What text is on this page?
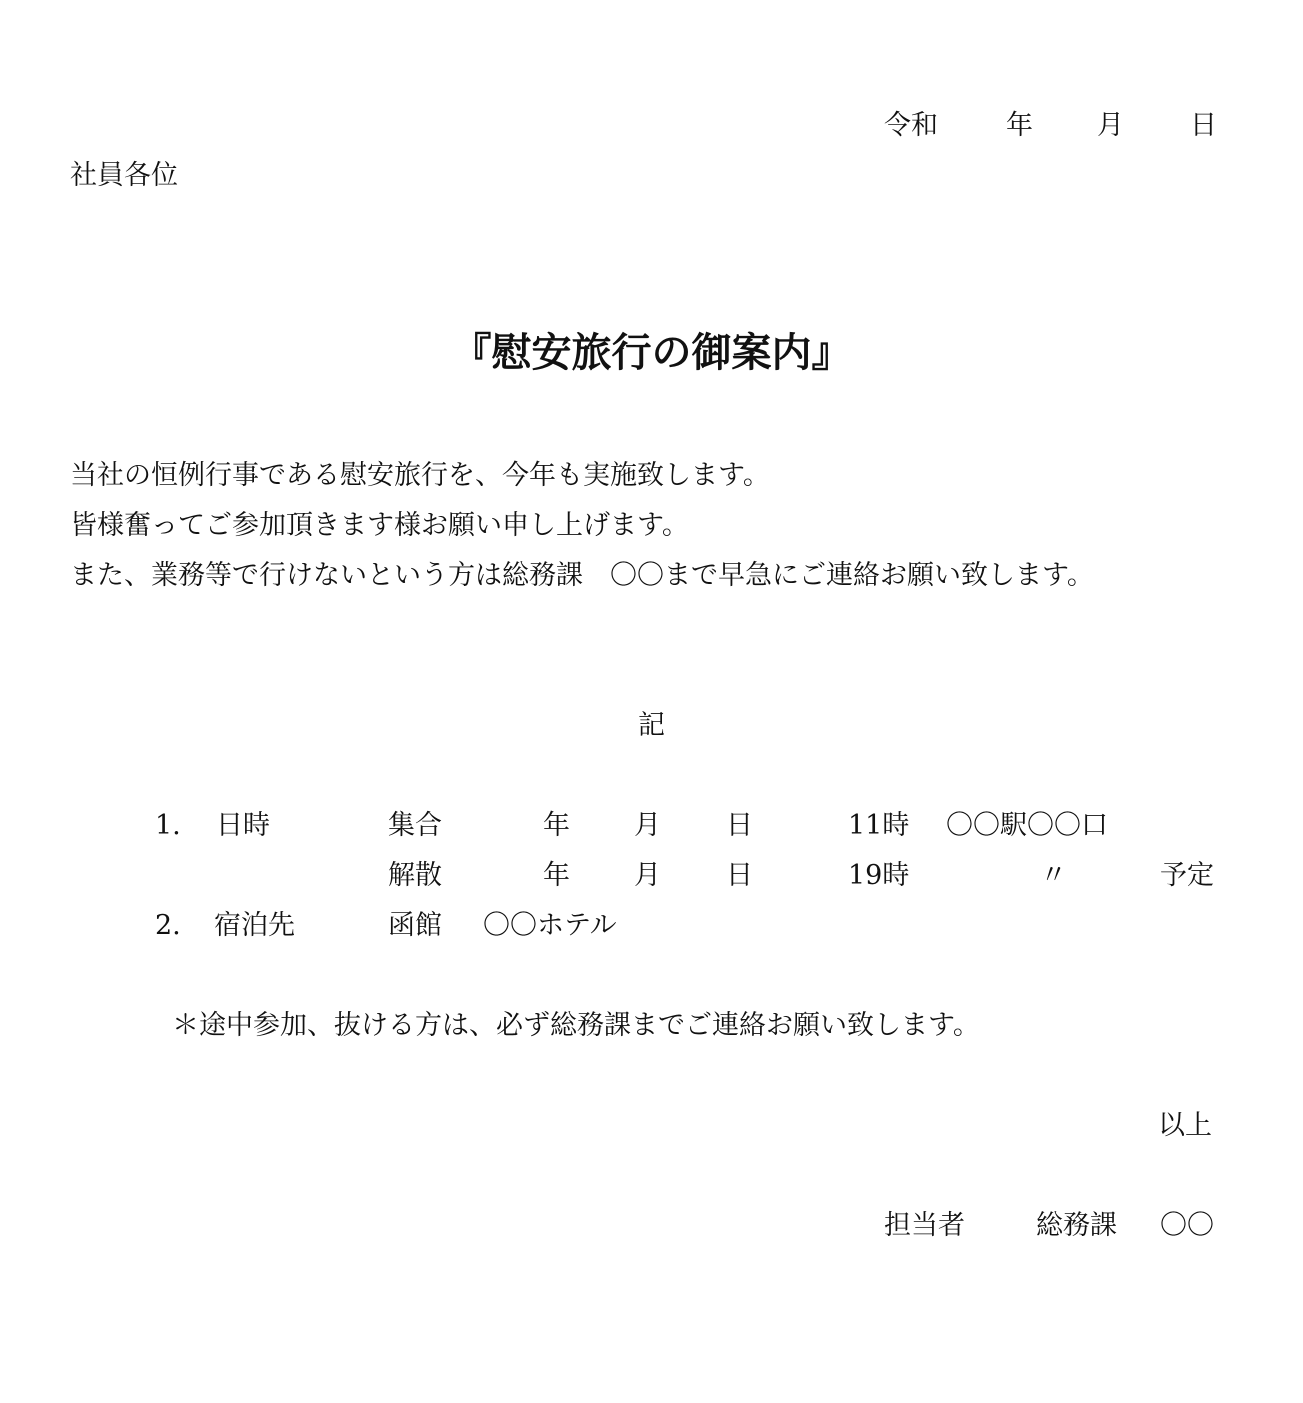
令和	年 月 日
社員各位
『慰安旅行の御案内』
当社の恒例行事である慰安旅行を、今年も実施致します。
皆様奮ってご参加頂きます様お願い申し上げます。
また、業務等で行けないという方は総務課　〇〇まで早急にご連絡お願い致します。
記
1. 日時	集合	年 月 日	11時 〇〇駅〇〇口
解散	年 月 日	19時	〃	予定
2. 宿泊先	函館 〇〇ホテル
＊途中参加、抜ける方は、必ず総務課までご連絡お願い致します。
以上
担当者	総務課 〇〇
